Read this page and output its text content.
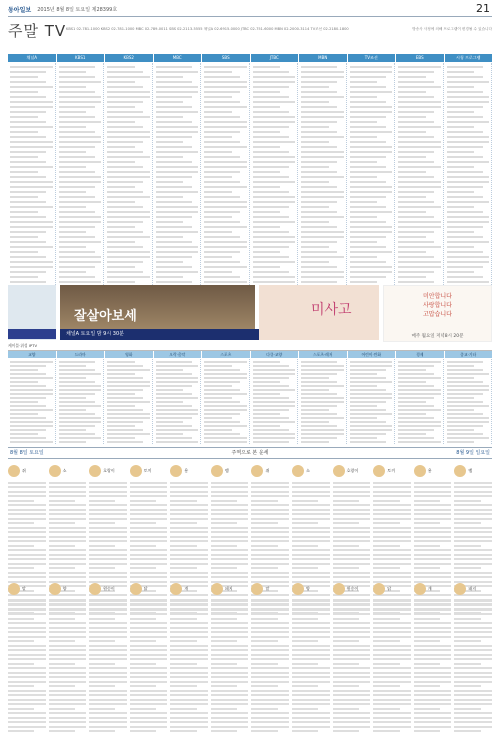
동아일보 2015년 8월 8일 토요일 제28399호	21
주말 TV KBS1 02-781-1000 KBS2 02-781-1000 MBC 02-789-0011 SBS 02-2113-5555 채널A 02-6915-0000 JTBC 02-751-6000 MBN 02-2000-3114 TV조선 02-2180-1800	방송사 사정에 의해 프로그램이 변경될 수 있습니다
채널A	KBS1	KBS2	MBC	SBS	JTBC	MBN	TV조선	EBS	시청 프로그램
잘살아보세
채널A 토요일 밤 9시 30분
미사고
미안합니다
사랑합니다
고맙습니다
매주 월요일 저녁8시 20분
케이블·위성 IPTV
교양	드라마	영화	오락·음악	스포츠	다큐·교양	스포츠·레저	어린이·만화	경제	종교·기타
8월 8일 토요일	주역으로 본 운세	8월 9일 일요일
쥐	소	호랑이	토끼	용	뱀	쥐	소	호랑이	토끼	용	뱀
말	양	원숭이	닭	개	돼지	말	양	원숭이	닭	개	돼지
